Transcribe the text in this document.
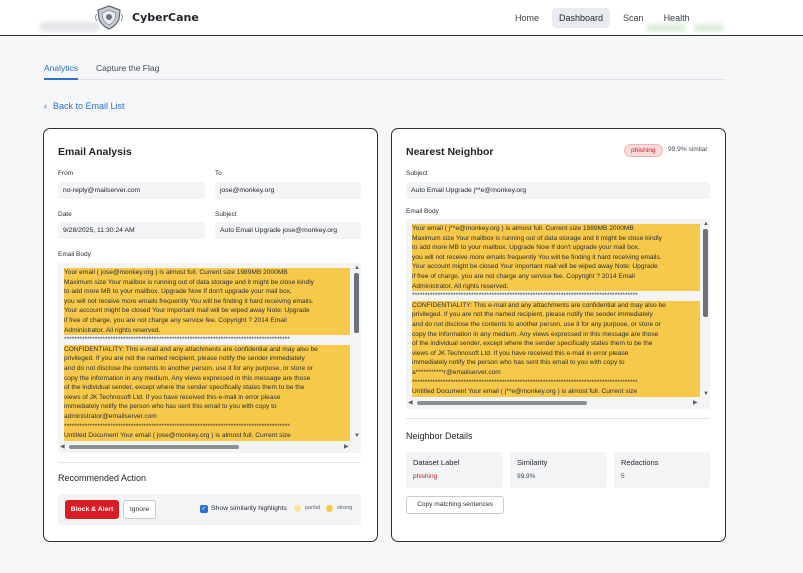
CyberCane	Home	Dashboard	Scan	Health
Analytics Capture the Flag
‹ Back to Email List
Email Analysis
From
no-reply@mailserver.com
To
jose@monkey.org
Date
9/28/2025, 11:30:24 AM
Subject
Auto Email Upgrade jose@monkey.org
Email Body
Your email ( jose@monkey.org ) is almost full. Current size 1989MB 2000MB
Maximum size Your mailbox is running out of data storage and it might be close kindly
to add more MB to your mailbox. Upgrade Now If don't upgrade your mail box,
you will not receive more emails frequently You will be finding it hard receiving emails.
Your account might be closed Your important mail will be wiped away Note: Upgrade
if free of charge, you are not charge any service fee. Copyright ? 2014 Email
Administrator. All rights reserved.
****************************************************************************************
CONFIDENTIALITY: This e-mail and any attachments are confidential and may also be
privileged. If you are not the named recipient, please notify the sender immediately
and do not disclose the contents to another person, use it for any purpose, or store or
copy the information in any medium. Any views expressed in this message are those
of the individual sender, except where the sender specifically states them to be the
views of JK Technosoft Ltd. If you have received this e-mail in error please
immediately notify the person who has sent this email to you with copy to
administrator@emailserver.com
****************************************************************************************
Untitled Document Your email ( jose@monkey.org ) is almost full. Current size
▲
▼
◀	▶
Recommended Action
Block & Alert	Ignore	✓ Show similarity highlights	partial	strong
Nearest Neighbor	phishing	99.9% similar
Subject
Auto Email Upgrade j**e@monkey.org
Email Body
Your email ( j**e@monkey.org ) is almost full. Current size 1989MB 2000MB
Maximum size Your mailbox is running out of data storage and it might be close kindly
to add more MB to your mailbox. Upgrade Now If don't upgrade your mail box,
you will not receive more emails frequently You will be finding it hard receiving emails.
Your account might be closed Your important mail will be wiped away Note: Upgrade
if free of charge, you are not charge any service fee. Copyright ? 2014 Email
Administrator. All rights reserved.
****************************************************************************************
CONFIDENTIALITY: This e-mail and any attachments are confidential and may also be
privileged. If you are not the named recipient, please notify the sender immediately
and do not disclose the contents to another person, use it for any purpose, or store or
copy the information in any medium. Any views expressed in this message are those
of the individual sender, except where the sender specifically states them to be the
views of JK Technosoft Ltd. If you have received this e-mail in error please
immediately notify the person who has sent this email to you with copy to
a***********r@emailserver.com
****************************************************************************************
Untitled Document Your email ( j**e@monkey.org ) is almost full. Current size
▲
▼
◀	▶
Neighbor Details
Dataset Label
phishing
Similarity
99.9%
Redactions
5
Copy matching sentences
